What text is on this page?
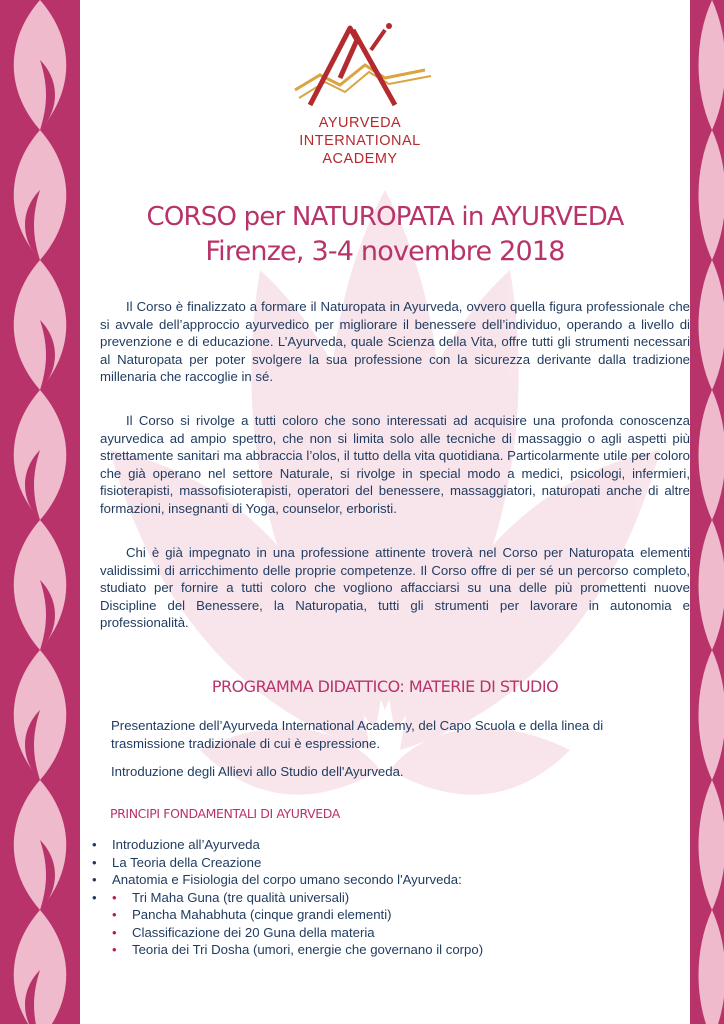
AYURVEDA
INTERNATIONAL
ACADEMY
CORSO per NATUROPATA in AYURVEDA
Firenze, 3-4 novembre 2018

Il Corso è finalizzato a formare il Naturopata in Ayurveda, ovvero quella figura professionale che si avvale dell’approccio ayurvedico per migliorare il benessere dell’individuo, operando a livello di prevenzione e di educazione. L’Ayurveda, quale Scienza della Vita, offre tutti gli strumenti necessari al Naturopata per poter svolgere la sua professione con la sicurezza derivante dalla tradizione millenaria che raccoglie in sé.

Il Corso si rivolge a tutti coloro che sono interessati ad acquisire una profonda conoscenza ayurvedica ad ampio spettro, che non si limita solo alle tecniche di massaggio o agli aspetti più strettamente sanitari ma abbraccia l’olos, il tutto della vita quotidiana. Particolarmente utile per coloro che già operano nel settore Naturale, si rivolge in special modo a medici, psicologi, infermieri, fisioterapisti, massofisioterapisti, operatori del benessere, massaggiatori, naturopati anche di altre formazioni, insegnanti di Yoga, counselor, erboristi.

Chi è già impegnato in una professione attinente troverà nel Corso per Naturopata elementi validissimi di arricchimento delle proprie competenze. Il Corso offre di per sé un percorso completo, studiato per fornire a tutti coloro che vogliono affacciarsi su una delle più promettenti nuove Discipline del Benessere, la Naturopatia, tutti gli strumenti per lavorare in autonomia e professionalità.

PROGRAMMA DIDATTICO: MATERIE DI STUDIO

Presentazione dell’Ayurveda International Academy, del Capo Scuola e della linea di trasmissione tradizionale di cui è espressione.

Introduzione degli Allievi allo Studio dell'Ayurveda.

PRINCIPI FONDAMENTALI DI AYURVEDA
• Introduzione all’Ayurveda
• La Teoria della Creazione
• Anatomia e Fisiologia del corpo umano secondo l'Ayurveda:
• • Tri Maha Guna (tre qualità universali)
• Pancha Mahabhuta (cinque grandi elementi)
• Classificazione dei 20 Guna della materia
• Teoria dei Tri Dosha (umori, energie che governano il corpo)
